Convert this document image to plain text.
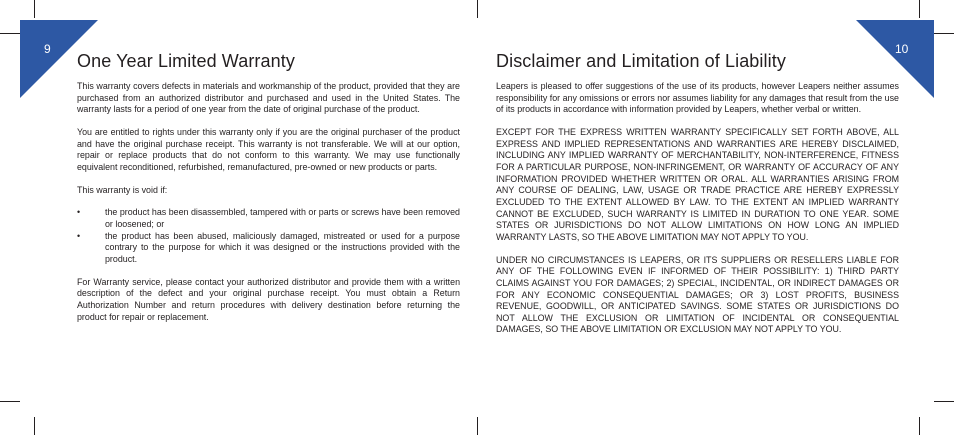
9	10
One Year Limited Warranty

This warranty covers defects in materials and workmanship of the product, provided that they are purchased from an authorized distributor and purchased and used in the United States. The warranty lasts for a period of one year from the date of original purchase of the product.

You are entitled to rights under this warranty only if you are the original purchaser of the product and have the original purchase receipt. This warranty is not transferable. We will at our option, repair or replace products that do not conform to this warranty. We may use functionally equivalent reconditioned, refurbished, remanufactured, pre-owned or new products or parts.

This warranty is void if:

•	the product has been disassembled, tampered with or parts or screws have been removed or loosened; or
•	the product has been abused, maliciously damaged, mistreated or used for a purpose contrary to the purpose for which it was designed or the instructions provided with the product.

For Warranty service, please contact your authorized distributor and provide them with a written description of the defect and your original purchase receipt. You must obtain a Return Authorization Number and return procedures with delivery destination before returning the product for repair or replacement.

Disclaimer and Limitation of Liability

Leapers is pleased to offer suggestions of the use of its products, however Leapers neither assumes responsibility for any omissions or errors nor assumes liability for any damages that result from the use of its products in accordance with information provided by Leapers, whether verbal or written.

EXCEPT FOR THE EXPRESS WRITTEN WARRANTY SPECIFICALLY SET FORTH ABOVE, ALL EXPRESS AND IMPLIED REPRESENTATIONS AND WARRANTIES ARE HEREBY DISCLAIMED, INCLUDING ANY IMPLIED WARRANTY OF MERCHANTABILITY, NON-INTERFERENCE, FITNESS FOR A PARTICULAR PURPOSE, NON-INFRINGEMENT, OR WARRANTY OF ACCURACY OF ANY INFORMATION PROVIDED WHETHER WRITTEN OR ORAL. ALL WARRANTIES ARISING FROM ANY COURSE OF DEALING, LAW, USAGE OR TRADE PRACTICE ARE HEREBY EXPRESSLY EXCLUDED TO THE EXTENT ALLOWED BY LAW. TO THE EXTENT AN IMPLIED WARRANTY CANNOT BE EXCLUDED, SUCH WARRANTY IS LIMITED IN DURATION TO ONE YEAR. SOME STATES OR JURISDICTIONS DO NOT ALLOW LIMITATIONS ON HOW LONG AN IMPLIED WARRANTY LASTS, SO THE ABOVE LIMITATION MAY NOT APPLY TO YOU.

UNDER NO CIRCUMSTANCES IS LEAPERS, OR ITS SUPPLIERS OR RESELLERS LIABLE FOR ANY OF THE FOLLOWING EVEN IF INFORMED OF THEIR POSSIBILITY: 1) THIRD PARTY CLAIMS AGAINST YOU FOR DAMAGES; 2) SPECIAL, INCIDENTAL, OR INDIRECT DAMAGES OR FOR ANY ECONOMIC CONSEQUENTIAL DAMAGES; OR 3) LOST PROFITS, BUSINESS REVENUE, GOODWILL, OR ANTICIPATED SAVINGS. SOME STATES OR JURISDICTIONS DO NOT ALLOW THE EXCLUSION OR LIMITATION OF INCIDENTAL OR CONSEQUENTIAL DAMAGES, SO THE ABOVE LIMITATION OR EXCLUSION MAY NOT APPLY TO YOU.
